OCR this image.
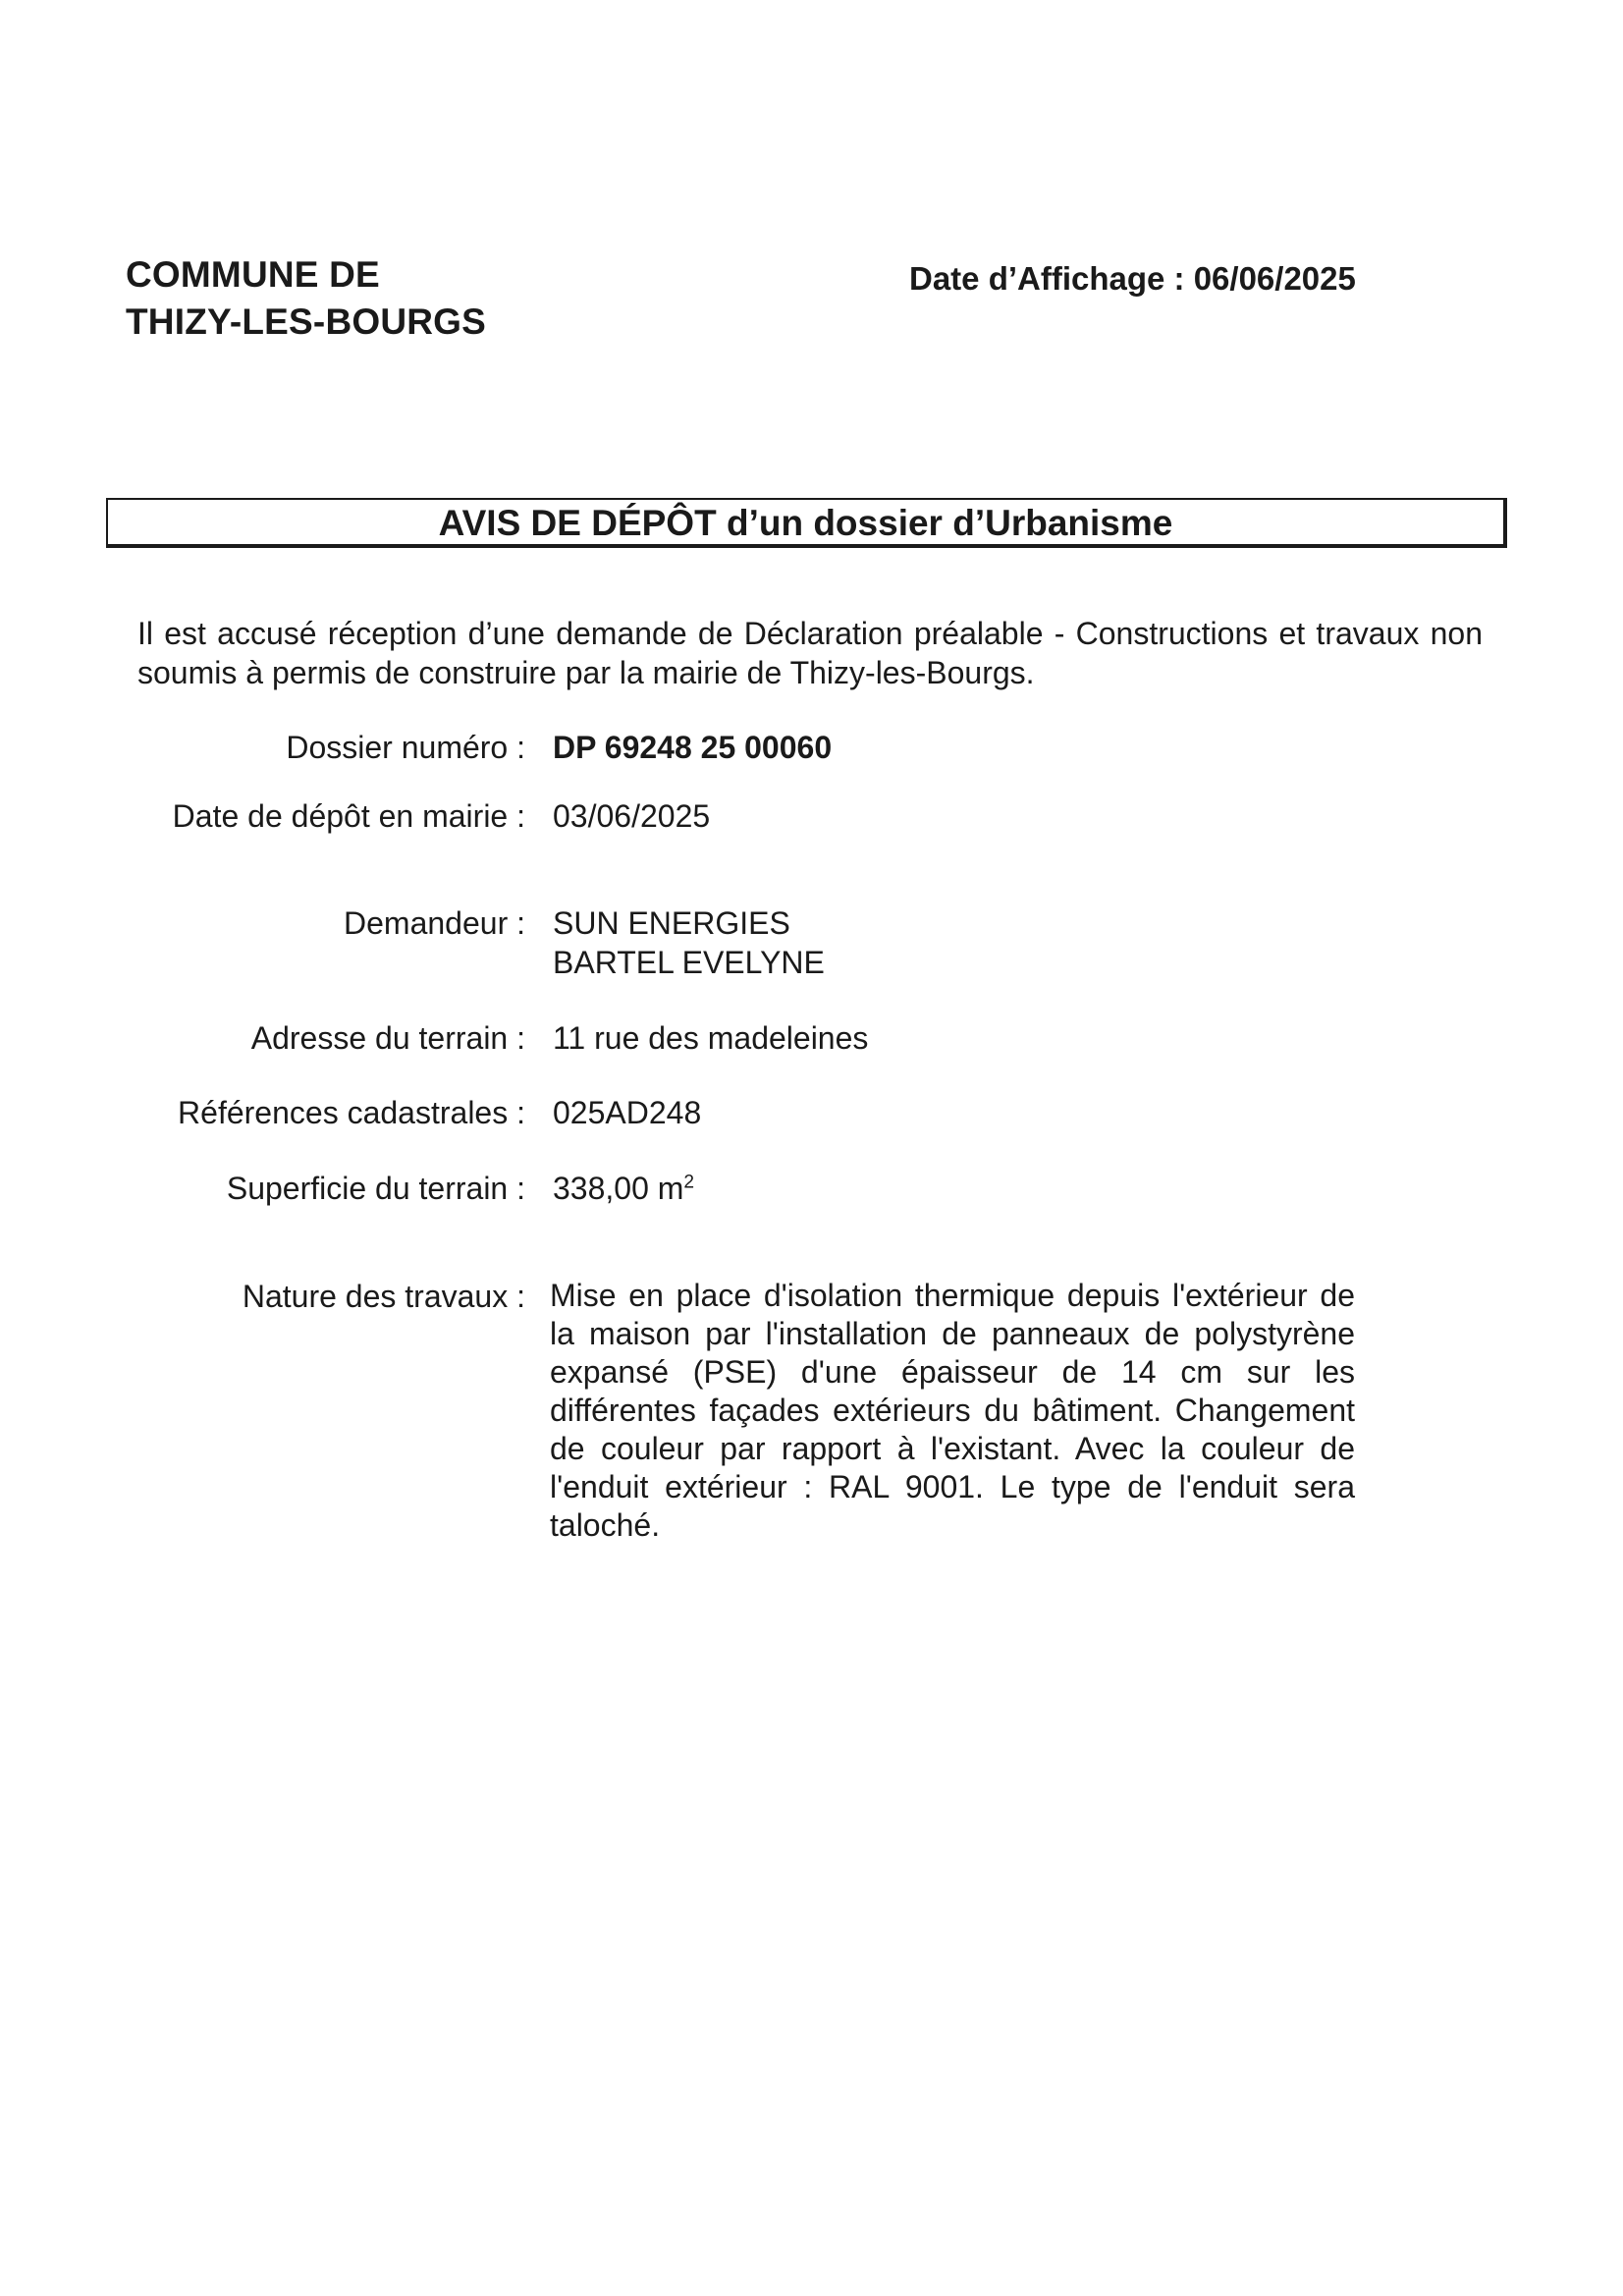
COMMUNE DE
THIZY-LES-BOURGS
Date d’Affichage : 06/06/2025
AVIS DE DÉPÔT d’un dossier d’Urbanisme
Il est accusé réception d’une demande de Déclaration préalable - Constructions et travaux non soumis à permis de construire par la mairie de Thizy-les-Bourgs.
Dossier numéro : DP 69248 25 00060
Date de dépôt en mairie : 03/06/2025
Demandeur : SUN ENERGIES
BARTEL EVELYNE
Adresse du terrain : 11 rue des madeleines
Références cadastrales : 025AD248
Superficie du terrain : 338,00 $m^2$
Nature des travaux : Mise en place d'isolation thermique depuis l'extérieur de la maison par l'installation de panneaux de polystyrène expansé (PSE) d'une épaisseur de 14 cm sur les différentes façades extérieurs du bâtiment. Changement de couleur par rapport à l'existant. Avec la couleur de l'enduit extérieur : RAL 9001. Le type de l'enduit sera taloché.
